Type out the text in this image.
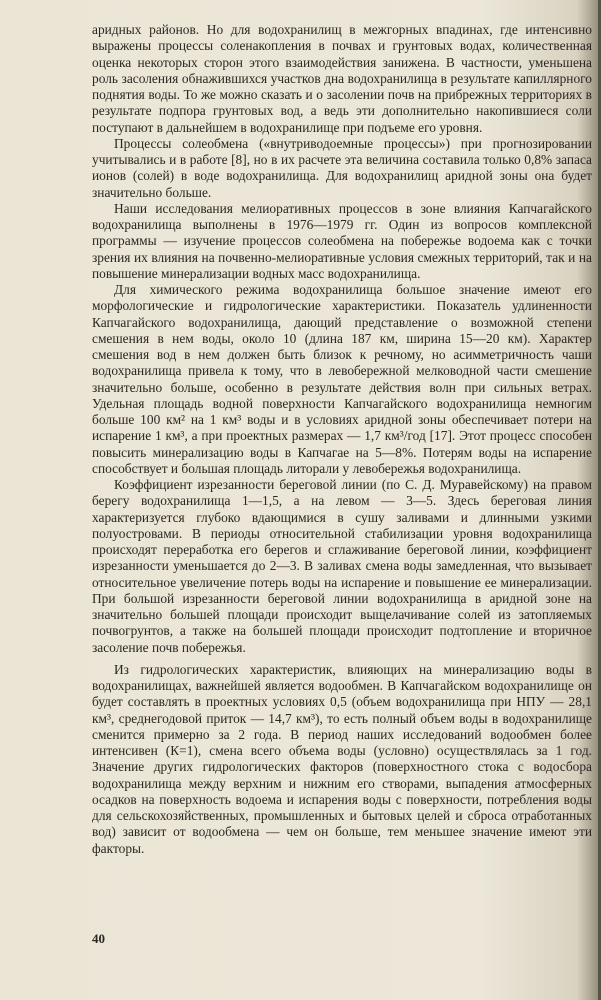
аридных районов. Но для водохранилищ в межгорных впадинах, где интенсивно выражены процессы соленакопления в почвах и грунтовых водах, количественная оценка некоторых сторон этого взаимодействия занижена. В частности, уменьшена роль засоления обнажившихся участков дна водохранилища в результате капиллярного поднятия воды. То же можно сказать и о засолении почв на прибрежных территориях в результате подпора грунтовых вод, а ведь эти дополнительно накопившиеся соли поступают в дальнейшем в водохранилище при подъеме его уровня.

Процессы солеобмена («внутриводоемные процессы») при прогнозировании учитывались и в работе [8], но в их расчете эта величина составила только 0,8% запаса ионов (солей) в воде водохранилища. Для водохранилищ аридной зоны она будет значительно больше.

Наши исследования мелиоративных процессов в зоне влияния Капчагайского водохранилища выполнены в 1976—1979 гг. Один из вопросов комплексной программы — изучение процессов солеобмена на побережье водоема как с точки зрения их влияния на почвенно-мелиоративные условия смежных территорий, так и на повышение минерализации водных масс водохранилища.

Для химического режима водохранилища большое значение имеют его морфологические и гидрологические характеристики. Показатель удлиненности Капчагайского водохранилища, дающий представление о возможной степени смешения в нем воды, около 10 (длина 187 км, ширина 15—20 км). Характер смешения вод в нем должен быть близок к речному, но асимметричность чаши водохранилища привела к тому, что в левобережной мелководной части смешение значительно больше, особенно в результате действия волн при сильных ветрах. Удельная площадь водной поверхности Капчагайского водохранилища немногим больше 100 км² на 1 км³ воды и в условиях аридной зоны обеспечивает потери на испарение 1 км³, а при проектных размерах — 1,7 км³/год [17]. Этот процесс способен повысить минерализацию воды в Капчагае на 5—8%. Потерям воды на испарение способствует и большая площадь литорали у левобережья водохранилища.

Коэффициент изрезанности береговой линии (по С. Д. Муравейскому) на правом берегу водохранилища 1—1,5, а на левом — 3—5. Здесь береговая линия характеризуется глубоко вдающимися в сушу заливами и длинными узкими полуостровами. В периоды относительной стабилизации уровня водохранилища происходят переработка его берегов и сглаживание береговой линии, коэффициент изрезанности уменьшается до 2—3. В заливах смена воды замедленная, что вызывает относительное увеличение потерь воды на испарение и повышение ее минерализации. При большой изрезанности береговой линии водохранилища в аридной зоне на значительно большей площади происходит выщелачивание солей из затопляемых почвогрунтов, а также на большей площади происходит подтопление и вторичное засоление почв побережья.

Из гидрологических характеристик, влияющих на минерализацию воды в водохранилищах, важнейшей является водообмен. В Капчагайском водохранилище он будет составлять в проектных условиях 0,5 (объем водохранилища при НПУ — 28,1 км³, среднегодовой приток — 14,7 км³), то есть полный объем воды в водохранилище сменится примерно за 2 года. В период наших исследований водообмен более интенсивен (К=1), смена всего объема воды (условно) осуществлялась за 1 год. Значение других гидрологических факторов (поверхностного стока с водосбора водохранилища между верхним и нижним его створами, выпадения атмосферных осадков на поверхность водоема и испарения воды с поверхности, потребления воды для сельскохозяйственных, промышленных и бытовых целей и сброса отработанных вод) зависит от водообмена — чем он больше, тем меньшее значение имеют эти факторы.

40
